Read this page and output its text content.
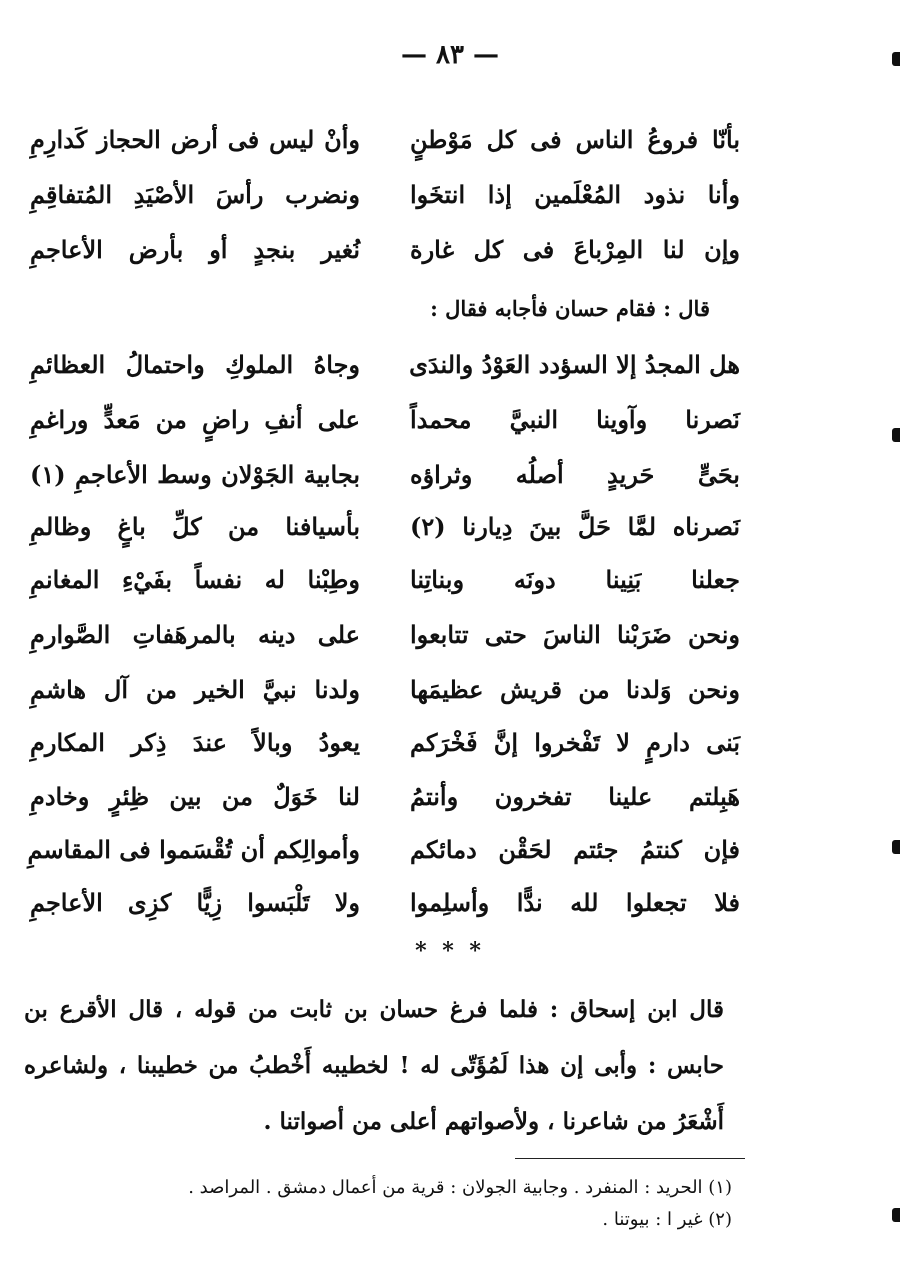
— ٨٣ —
بأنّا فروعُ الناس فى كل مَوْطنٍ
وأنْ ليس فى أرض الحجاز كَدارِمِ
وأنا نذود المُعْلَمين إذا انتخَوا
ونضرب رأسَ الأصْيَدِ المُتفاقِمِ
وإن لنا المِرْباعَ فى كل غارة
نُغير بنجدٍ أو بأرض الأعاجمِ
قال : فقام حسان فأجابه فقال :
هل المجدُ إلا السؤدد العَوْدُ والندَى
وجاهُ الملوكِ واحتمالُ العظائمِ
نَصرنا وآوينا النبيَّ محمداً
على أنفِ راضٍ من مَعدٍّ وراغمِ
بحَىٍّ حَريدٍ أصلُه وثراؤه
بجابية الجَوْلان وسط الأعاجمِ (١)
نَصرناه لمَّا حَلَّ بينَ دِيارنا (٢)
بأسيافنا من كلِّ باغٍ وظالمِ
جعلنا بَنِينا دونَه وبناتِنا
وطِبْنا له نفساً بفَيْءِ المغانمِ
ونحن ضَرَبْنا الناسَ حتى تتابعوا
على دينه بالمرهَفاتِ الصَّوارمِ
ونحن وَلدنا من قريش عظيمَها
ولدنا نبيَّ الخير من آل هاشمِ
بَنى دارمٍ لا تَفْخروا إنَّ فَخْرَكم
يعودُ وبالاً عندَ ذِكر المكارمِ
هَبِلتم علينا تفخرون وأنتمُ
لنا خَوَلٌ من بين ظِئرٍ وخادمِ
فإن كنتمُ جئتم لحَقْن دمائكم
وأموالِكم أن تُقْسَموا فى المقاسمِ
فلا تجعلوا لله ندًّا وأسلِموا
ولا تَلْبَسوا زِيًّا كزِى الأعاجمِ
* * *
قال ابن إسحاق : فلما فرغ حسان بن ثابت من قوله ، قال الأقرع بن حابس : وأبى إن هذا لَمُؤَتّى له ! لخطيبه أَخْطبُ من خطيبنا ، ولشاعره أَشْعَرُ من شاعرنا ، ولأصواتهم أعلى من أصواتنا .
(١) الحريد : المنفرد . وجابية الجولان : قرية من أعمال دمشق . المراصد .
(٢) غير ا : بيوتنا .
